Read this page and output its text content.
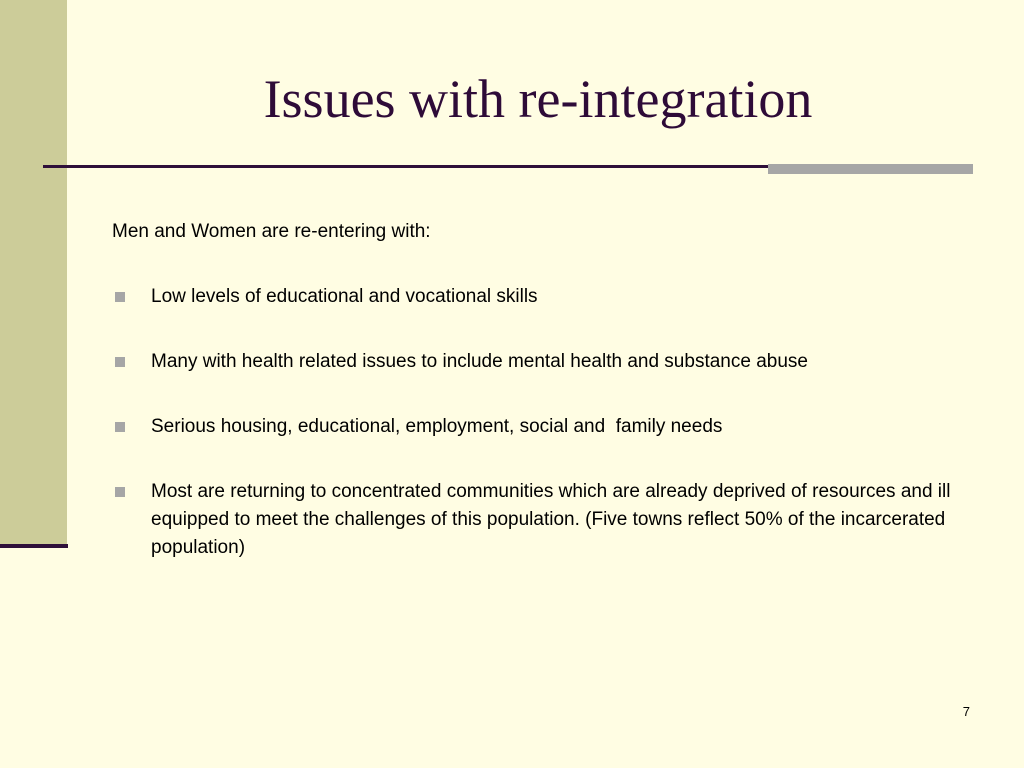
Issues with re-integration

Men and Women are re-entering with:

Low levels of educational and vocational skills
Many with health related issues to include mental health and substance abuse
Serious housing, educational, employment, social and  family needs
Most are returning to concentrated communities which are already deprived of resources and ill equipped to meet the challenges of this population. (Five towns reflect 50% of the incarcerated population)
7
